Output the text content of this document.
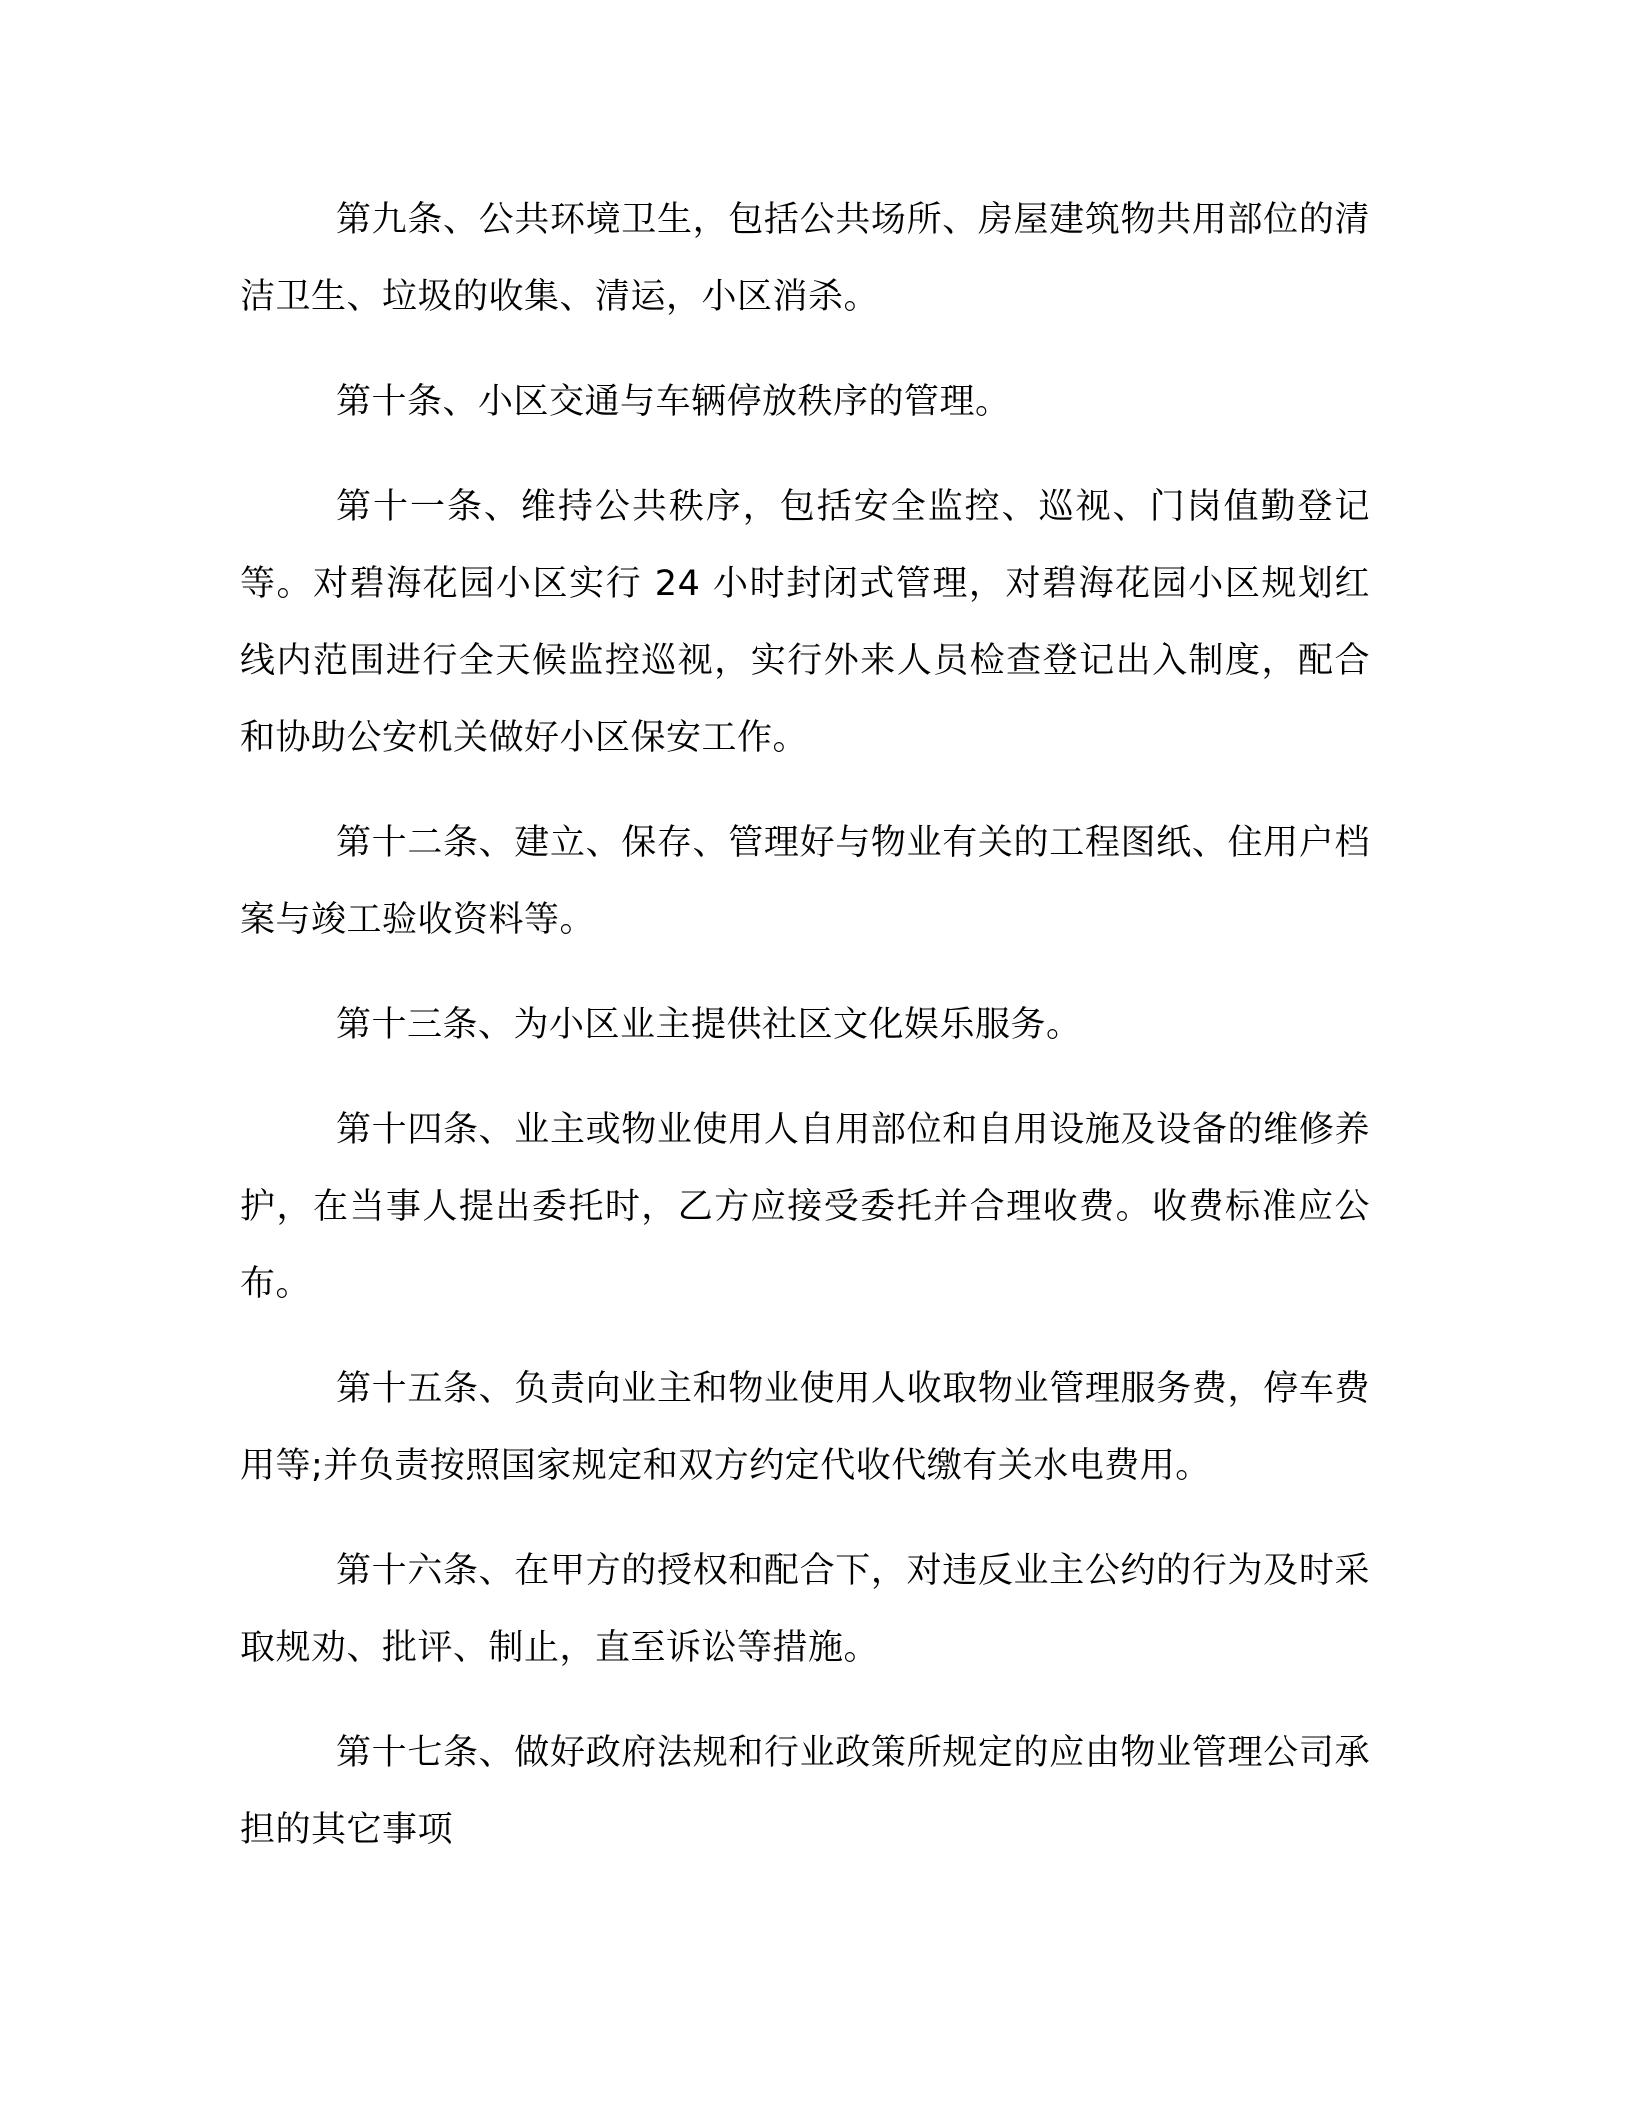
第九条、公共环境卫生，包括公共场所、房屋建筑物共用部位的清洁卫生、垃圾的收集、清运，小区消杀。

第十条、小区交通与车辆停放秩序的管理。

第十一条、维持公共秩序，包括安全监控、巡视、门岗值勤登记等。对碧海花园小区实行 24 小时封闭式管理，对碧海花园小区规划红线内范围进行全天候监控巡视，实行外来人员检查登记出入制度，配合和协助公安机关做好小区保安工作。

第十二条、建立、保存、管理好与物业有关的工程图纸、住用户档案与竣工验收资料等。

第十三条、为小区业主提供社区文化娱乐服务。

第十四条、业主或物业使用人自用部位和自用设施及设备的维修养护，在当事人提出委托时，乙方应接受委托并合理收费。收费标准应公布。

第十五条、负责向业主和物业使用人收取物业管理服务费，停车费用等;并负责按照国家规定和双方约定代收代缴有关水电费用。

第十六条、在甲方的授权和配合下，对违反业主公约的行为及时采取规劝、批评、制止，直至诉讼等措施。

第十七条、做好政府法规和行业政策所规定的应由物业管理公司承担的其它事项
